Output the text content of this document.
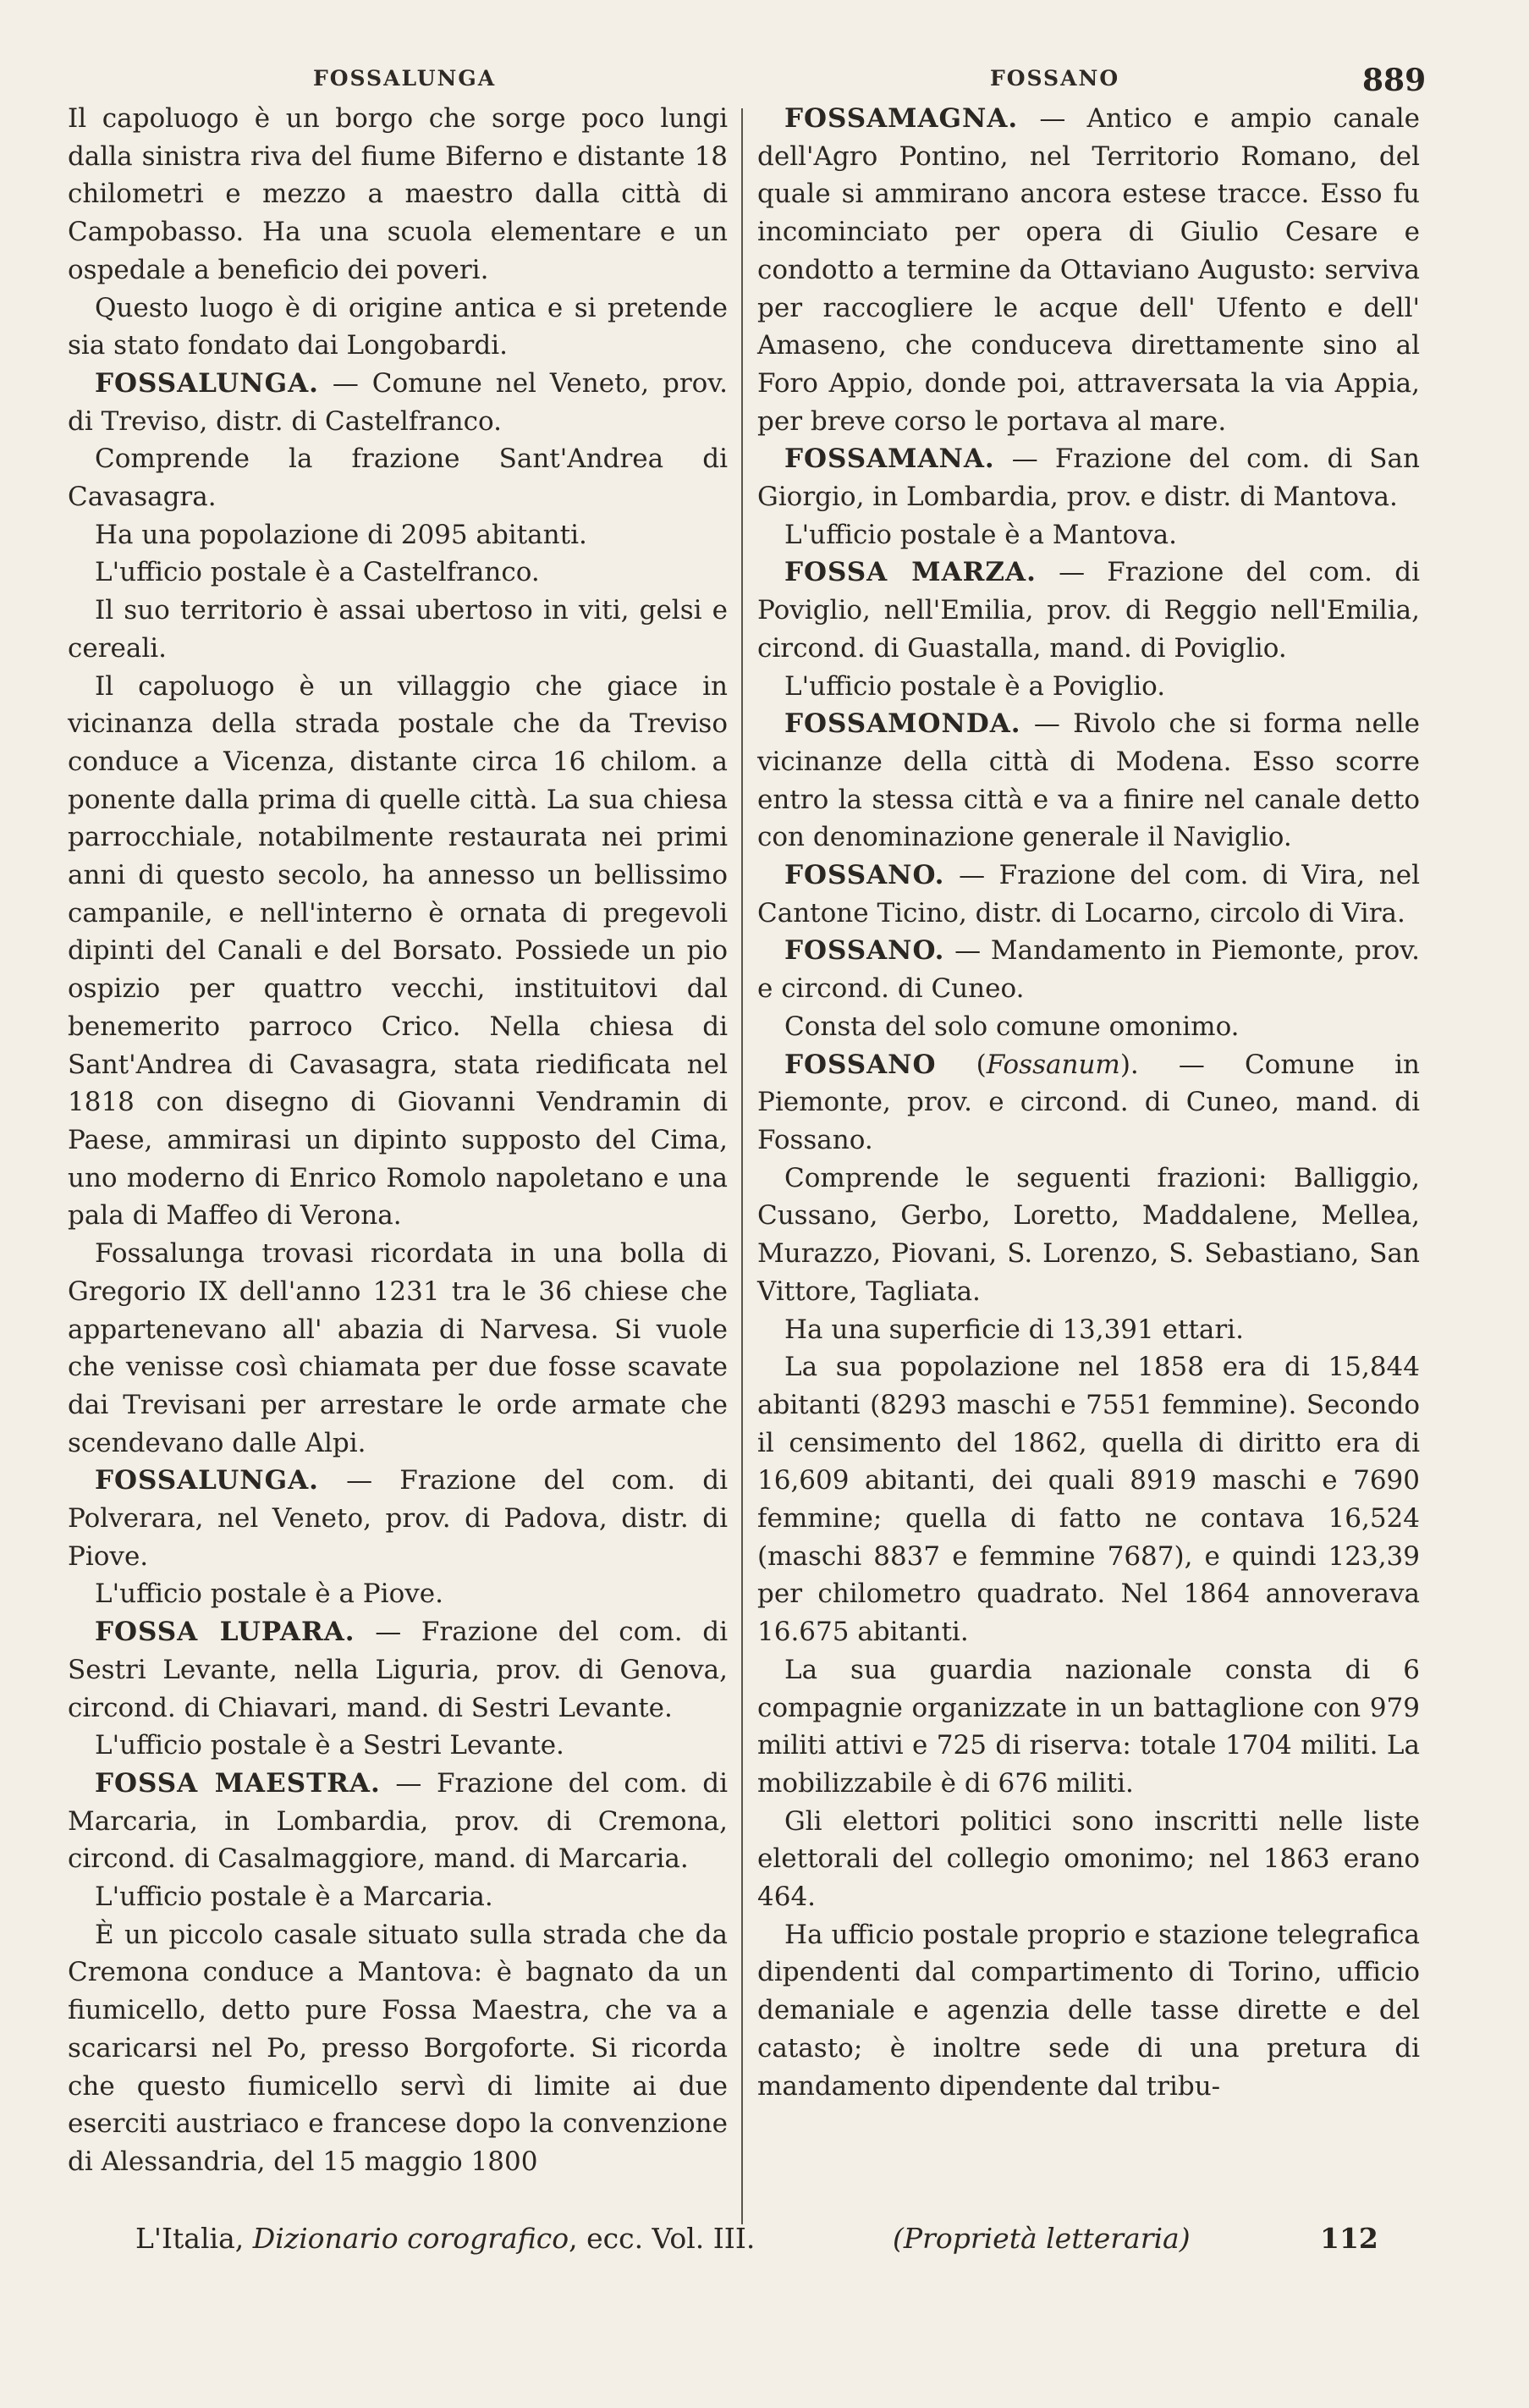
FOSSALUNGA	FOSSANO	889

Il capoluogo è un borgo che sorge poco lungi dalla sinistra riva del fiume Biferno e distante 18 chilometri e mezzo a maestro dalla città di Campobasso. Ha una scuola elementare e un ospedale a beneficio dei poveri.

Questo luogo è di origine antica e si pretende sia stato fondato dai Longobardi.

FOSSALUNGA. — Comune nel Veneto, prov. di Treviso, distr. di Castelfranco.

Comprende la frazione Sant'Andrea di Cavasagra.

Ha una popolazione di 2095 abitanti.

L'ufficio postale è a Castelfranco.

Il suo territorio è assai ubertoso in viti, gelsi e cereali.

Il capoluogo è un villaggio che giace in vicinanza della strada postale che da Treviso conduce a Vicenza, distante circa 16 chilom. a ponente dalla prima di quelle città. La sua chiesa parrocchiale, notabilmente restaurata nei primi anni di questo secolo, ha annesso un bellissimo campanile, e nell'interno è ornata di pregevoli dipinti del Canali e del Borsato. Possiede un pio ospizio per quattro vecchi, instituitovi dal benemerito parroco Crico. Nella chiesa di Sant'Andrea di Cavasagra, stata riedificata nel 1818 con disegno di Giovanni Vendramin di Paese, ammirasi un dipinto supposto del Cima, uno moderno di Enrico Romolo napoletano e una pala di Maffeo di Verona.

Fossalunga trovasi ricordata in una bolla di Gregorio IX dell'anno 1231 tra le 36 chiese che appartenevano all' abazia di Narvesa. Si vuole che venisse così chiamata per due fosse scavate dai Trevisani per arrestare le orde armate che scendevano dalle Alpi.

FOSSALUNGA. — Frazione del com. di Polverara, nel Veneto, prov. di Padova, distr. di Piove.

L'ufficio postale è a Piove.

FOSSA LUPARA. — Frazione del com. di Sestri Levante, nella Liguria, prov. di Genova, circond. di Chiavari, mand. di Sestri Levante.

L'ufficio postale è a Sestri Levante.

FOSSA MAESTRA. — Frazione del com. di Marcaria, in Lombardia, prov. di Cremona, circond. di Casalmaggiore, mand. di Marcaria.

L'ufficio postale è a Marcaria.

È un piccolo casale situato sulla strada che da Cremona conduce a Mantova: è bagnato da un fiumicello, detto pure Fossa Maestra, che va a scaricarsi nel Po, presso Borgoforte. Si ricorda che questo fiumicello servì di limite ai due eserciti austriaco e francese dopo la convenzione di Alessandria, del 15 maggio 1800

FOSSAMAGNA. — Antico e ampio canale dell'Agro Pontino, nel Territorio Romano, del quale si ammirano ancora estese tracce. Esso fu incominciato per opera di Giulio Cesare e condotto a termine da Ottaviano Augusto: serviva per raccogliere le acque dell' Ufento e dell' Amaseno, che conduceva direttamente sino al Foro Appio, donde poi, attraversata la via Appia, per breve corso le portava al mare.

FOSSAMANA. — Frazione del com. di San Giorgio, in Lombardia, prov. e distr. di Mantova.

L'ufficio postale è a Mantova.

FOSSA MARZA. — Frazione del com. di Poviglio, nell'Emilia, prov. di Reggio nell'Emilia, circond. di Guastalla, mand. di Poviglio.

L'ufficio postale è a Poviglio.

FOSSAMONDA. — Rivolo che si forma nelle vicinanze della città di Modena. Esso scorre entro la stessa città e va a finire nel canale detto con denominazione generale il Naviglio.

FOSSANO. — Frazione del com. di Vira, nel Cantone Ticino, distr. di Locarno, circolo di Vira.

FOSSANO. — Mandamento in Piemonte, prov. e circond. di Cuneo.

Consta del solo comune omonimo.

FOSSANO (Fossanum). — Comune in Piemonte, prov. e circond. di Cuneo, mand. di Fossano.

Comprende le seguenti frazioni: Balliggio, Cussano, Gerbo, Loretto, Maddalene, Mellea, Murazzo, Piovani, S. Lorenzo, S. Sebastiano, San Vittore, Tagliata.

Ha una superficie di 13,391 ettari.

La sua popolazione nel 1858 era di 15,844 abitanti (8293 maschi e 7551 femmine). Secondo il censimento del 1862, quella di diritto era di 16,609 abitanti, dei quali 8919 maschi e 7690 femmine; quella di fatto ne contava 16,524 (maschi 8837 e femmine 7687), e quindi 123,39 per chilometro quadrato. Nel 1864 annoverava 16.675 abitanti.

La sua guardia nazionale consta di 6 compagnie organizzate in un battaglione con 979 militi attivi e 725 di riserva: totale 1704 militi. La mobilizzabile è di 676 militi.

Gli elettori politici sono inscritti nelle liste elettorali del collegio omonimo; nel 1863 erano 464.

Ha ufficio postale proprio e stazione telegrafica dipendenti dal compartimento di Torino, ufficio demaniale e agenzia delle tasse dirette e del catasto; è inoltre sede di una pretura di mandamento dipendente dal tribu-

L'Italia, Dizionario corografico, ecc. Vol. III.	(Proprietà letteraria)	112
